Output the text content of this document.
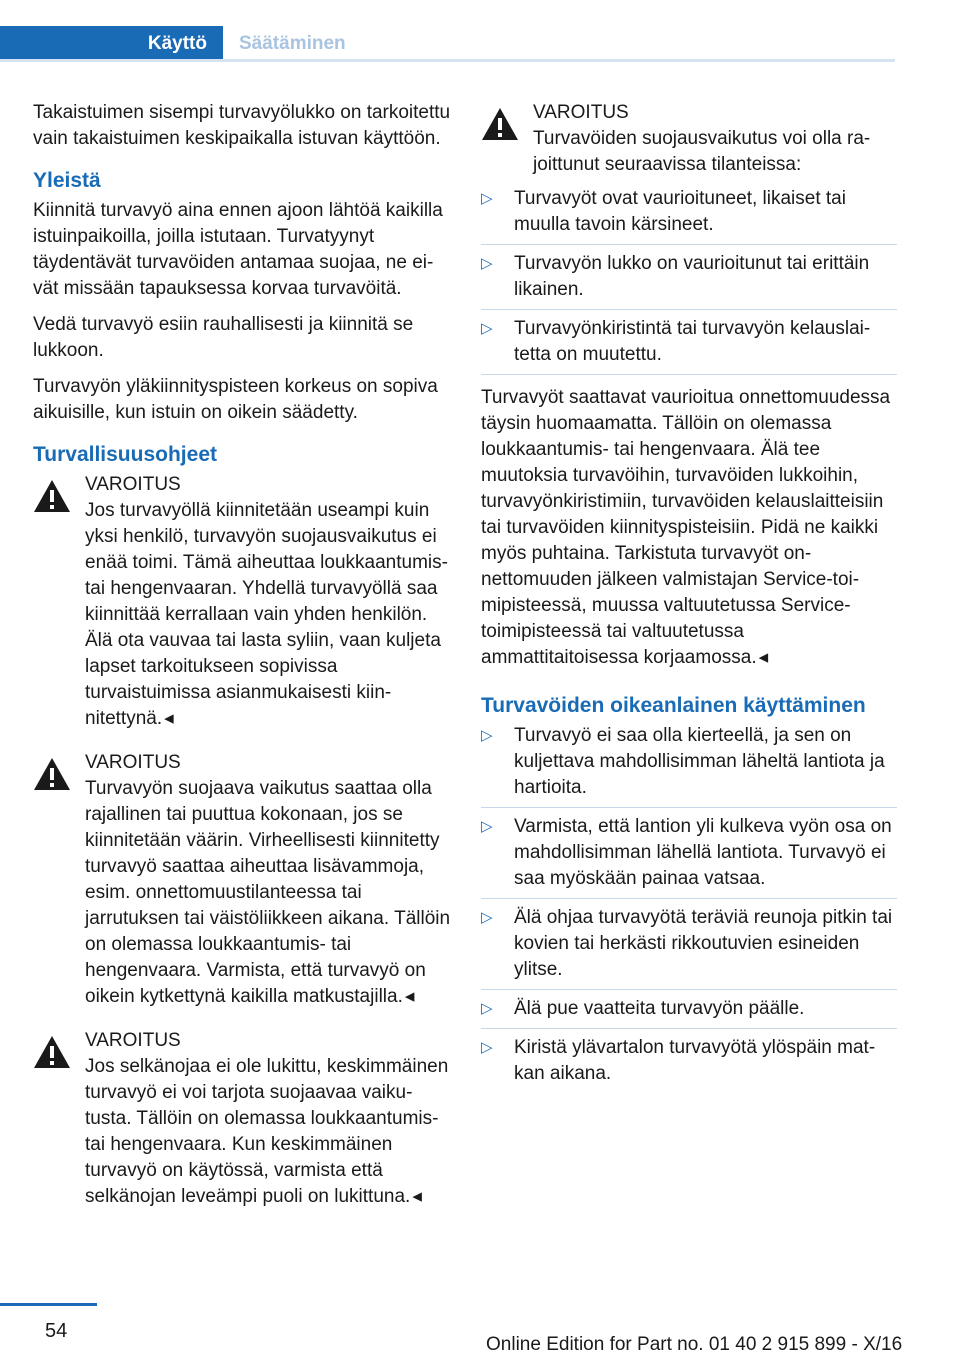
Käyttö	Säätäminen

Takaistuimen sisempi turvavyölukko on tarkoitettu vain takaistuimen keskipaikalla istuvan käyttöön.

Yleistä

Kiinnitä turvavyö aina ennen ajoon lähtöä kaikilla istuinpaikoilla, joilla istutaan. Turvatyynyt täydentävät turvavöiden antamaa suojaa, ne eivät missään tapauksessa korvaa turvavöitä.

Vedä turvavyö esiin rauhallisesti ja kiinnitä se lukkoon.

Turvavyön yläkiinnityspisteen korkeus on sopiva aikuisille, kun istuin on oikein säädetty.

Turvallisuusohjeet
VAROITUS
Jos turvavyöllä kiinnitetään useampi kuin yksi henkilö, turvavyön suojausvaikutus ei enää toimi. Tämä aiheuttaa loukkaantumis- tai hengenvaaran. Yhdellä turvavyöllä saa kiinnittää kerrallaan vain yhden henkilön. Älä ota vauvaa tai lasta syliin, vaan kuljeta lapset tarkoitukseen sopivissa turvaistuimissa asianmukaisesti kiinnitettynä. ◂
VAROITUS
Turvavyön suojaava vaikutus saattaa olla rajallinen tai puuttua kokonaan, jos se kiinnitetään väärin. Virheellisesti kiinnitetty turvavyö saattaa aiheuttaa lisävammoja, esim. onnettomuustilanteessa tai jarrutuksen tai väistöliikkeen aikana. Tällöin on olemassa loukkaantumis- tai hengenvaara. Varmista, että turvavyö on oikein kytkettynä kaikilla matkustajilla. ◂
VAROITUS
Jos selkänojaa ei ole lukittu, keskimmäinen turvavyö ei voi tarjota suojaavaa vaikutusta. Tällöin on olemassa loukkaantumis- tai hengenvaara. Kun keskimmäinen turvavyö on käytössä, varmista että selkänojan leveämpi puoli on lukittuna. ◂
VAROITUS
Turvavöiden suojausvaikutus voi olla rajoittunut seuraavissa tilanteissa:
▷ Turvavyöt ovat vaurioituneet, likaiset tai muulla tavoin kärsineet.
▷ Turvavyön lukko on vaurioitunut tai erittäin likainen.
▷ Turvavyönkiristintä tai turvavyön kelauslaitetta on muutettu.

Turvavyöt saattavat vaurioitua onnettomuudessa täysin huomaamatta. Tällöin on olemassa loukkaantumis- tai hengenvaara. Älä tee muutoksia turvavöihin, turvavöiden lukkoihin, turvavyönkiristimiin, turvavöiden kelauslaitteisiin tai turvavöiden kiinnityspisteisiin. Pidä ne kaikki myös puhtaina. Tarkistuta turvavyöt onnettomuuden jälkeen valmistajan Service-toimipisteessä, muussa valtuutetussa Service-toimipisteessä tai valtuutetussa ammattitaitoisessa korjaamossa. ◂

Turvavöiden oikeanlainen käyttäminen
▷ Turvavyö ei saa olla kierteellä, ja sen on kuljettava mahdollisimman läheltä lantiota ja hartioita.
▷ Varmista, että lantion yli kulkeva vyön osa on mahdollisimman lähellä lantiota. Turvavyö ei saa myöskään painaa vatsaa.
▷ Älä ohjaa turvavyötä teräviä reunoja pitkin tai kovien tai herkästi rikkoutuvien esineiden ylitse.
▷ Älä pue vaatteita turvavyön päälle.
▷ Kiristä ylävartalon turvavyötä ylöspäin matkan aikana.
54
Online Edition for Part no. 01 40 2 915 899 - X/16
